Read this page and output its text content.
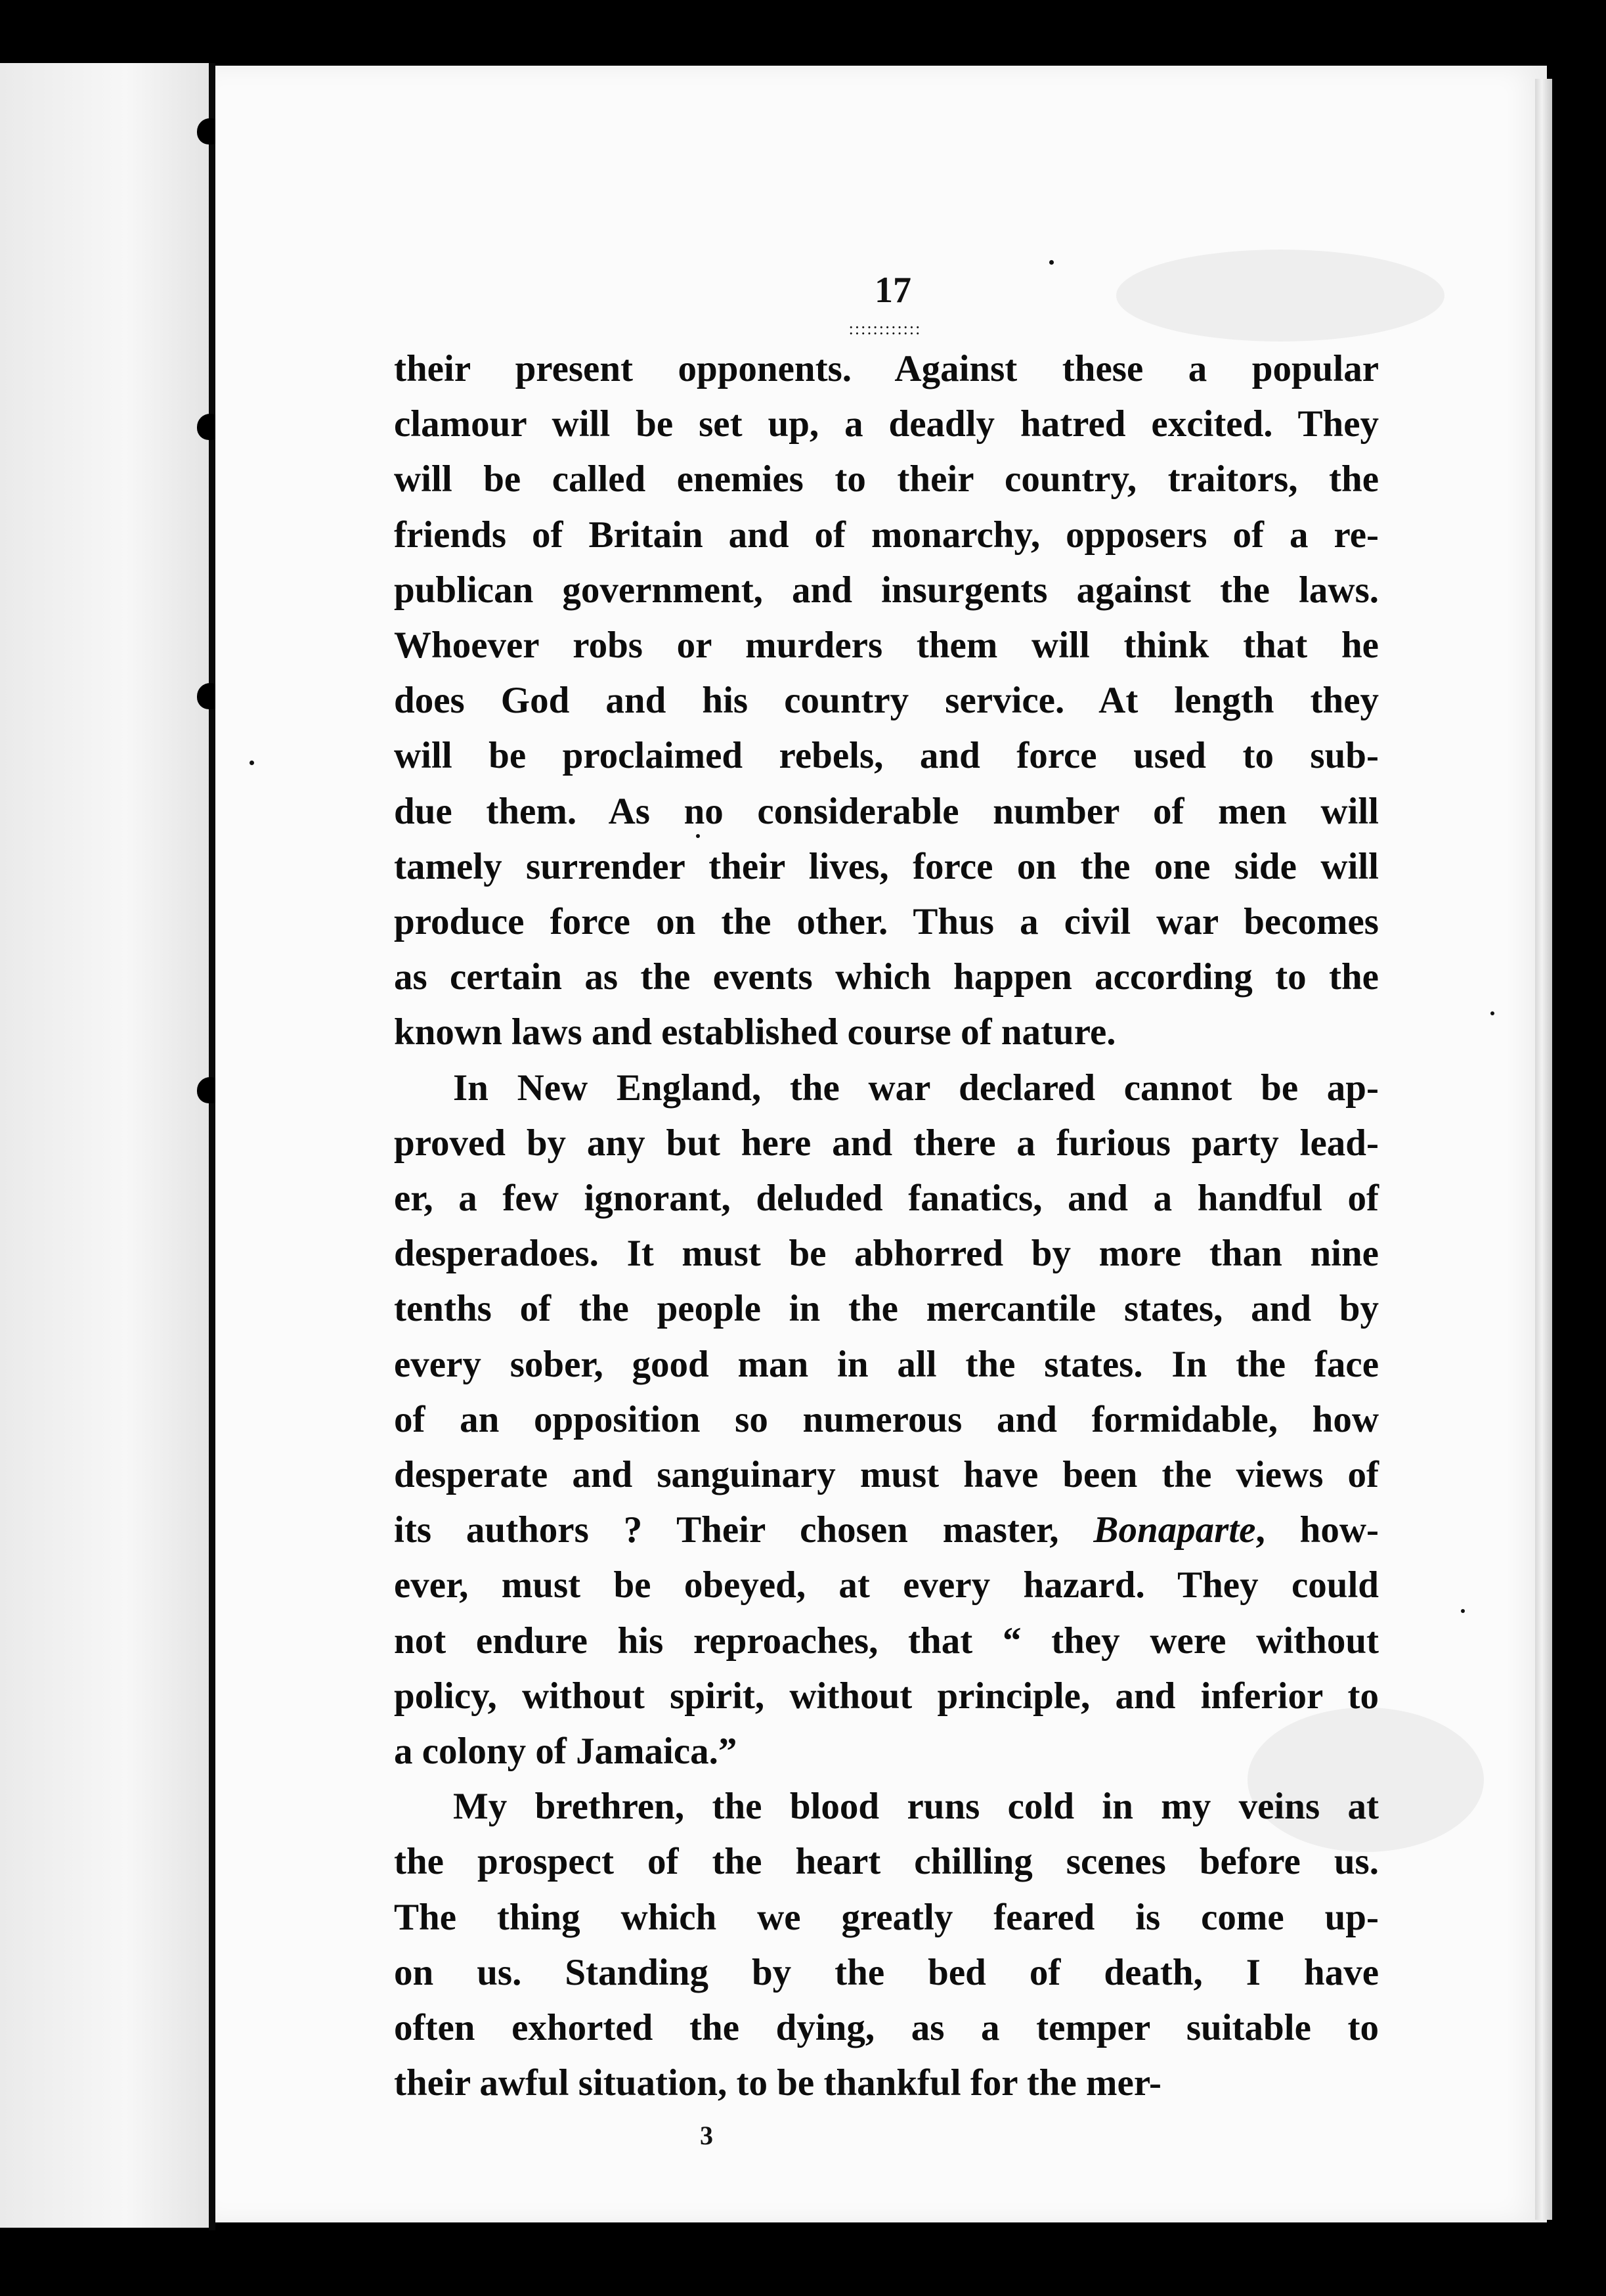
17
::::::::::::
their present opponents. Against these a popular
clamour will be set up, a deadly hatred excited. They
will be called enemies to their country, traitors, the
friends of Britain and of monarchy, opposers of a re-
publican government, and insurgents against the laws.
Whoever robs or murders them will think that he
does God and his country service. At length they
will be proclaimed rebels, and force used to sub-
due them. As no considerable number of men will
tamely surrender their lives, force on the one side will
produce force on the other. Thus a civil war becomes
as certain as the events which happen according to the
known laws and established course of nature.
In New England, the war declared cannot be ap-
proved by any but here and there a furious party lead-
er, a few ignorant, deluded fanatics, and a handful of
desperadoes. It must be abhorred by more than nine
tenths of the people in the mercantile states, and by
every sober, good man in all the states. In the face
of an opposition so numerous and formidable, how
desperate and sanguinary must have been the views of
its authors ? Their chosen master, Bonaparte, how-
ever, must be obeyed, at every hazard. They could
not endure his reproaches, that “ they were without
policy, without spirit, without principle, and inferior to
a colony of Jamaica.”
My brethren, the blood runs cold in my veins at
the prospect of the heart chilling scenes before us.
The thing which we greatly feared is come up-
on us. Standing by the bed of death, I have
often exhorted the dying, as a temper suitable to
their awful situation, to be thankful for the mer-
3
